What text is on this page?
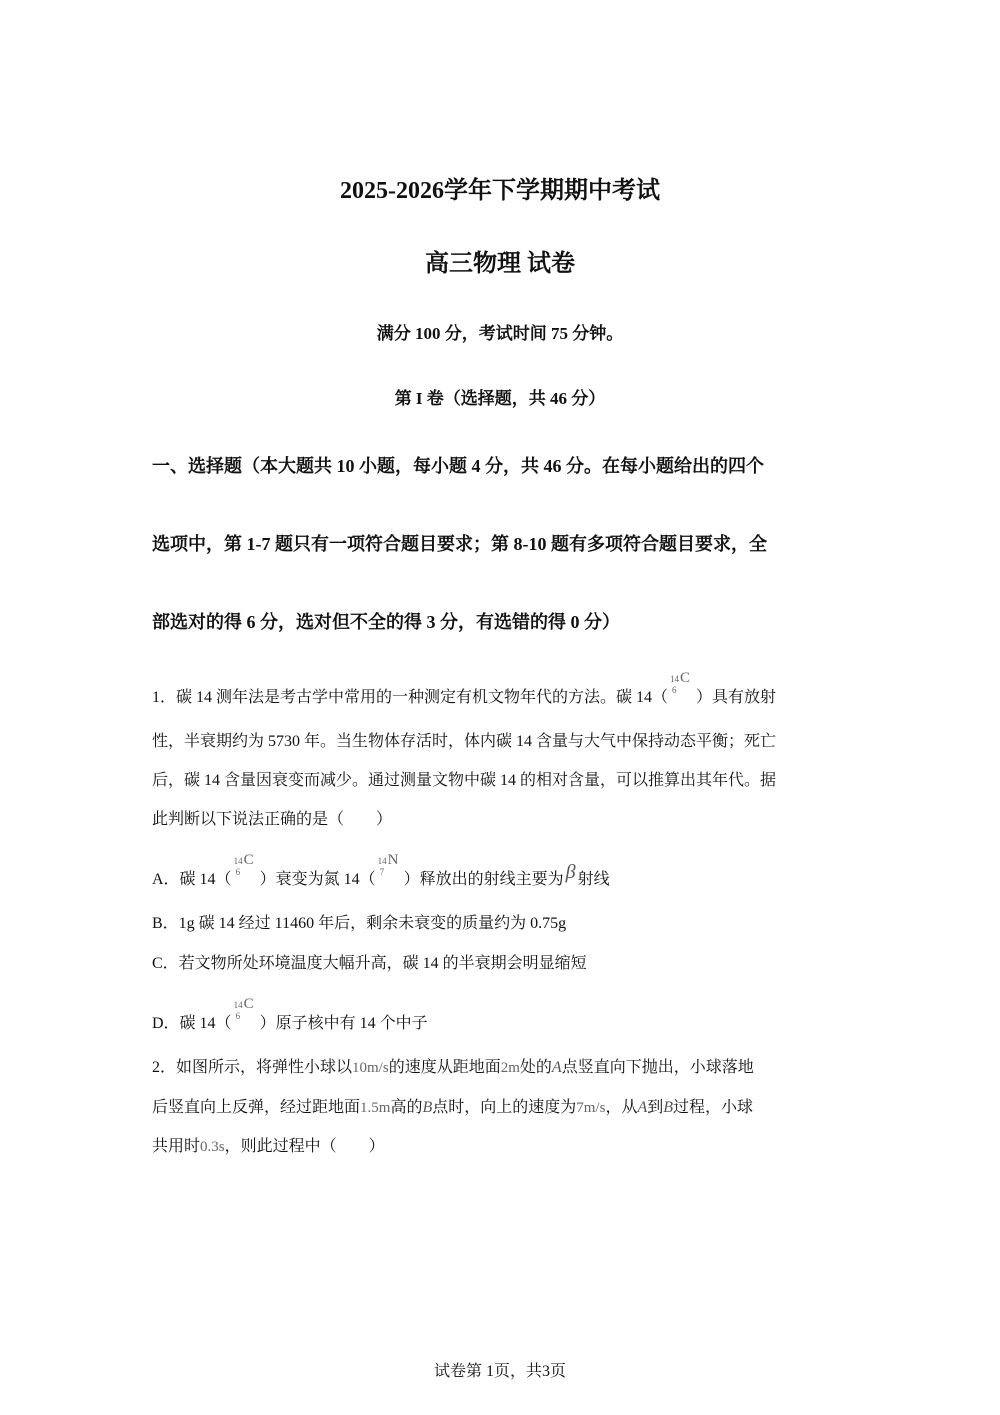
2025-2026学年下学期期中考试
高三物理 试卷
满分 100 分，考试时间 75 分钟。
第 I 卷（选择题，共 46 分）
一、选择题（本大题共 10 小题，每小题 4 分，共 46 分。在每小题给出的四个
选项中，第 1-7 题只有一项符合题目要求；第 8-10 题有多项符合题目要求，全
部选对的得 6 分，选对但不全的得 3 分，有选错的得 0 分）
1．碳 14 测年法是考古学中常用的一种测定有机文物年代的方法。碳 14（
14
6
C
）具有放射
性，半衰期约为 5730 年。当生物体存活时，体内碳 14 含量与大气中保持动态平衡；死亡
后，碳 14 含量因衰变而减少。通过测量文物中碳 14 的相对含量，可以推算出其年代。据
此判断以下说法正确的是（　　）
A．碳 14（
14
6
C
）衰变为氮 14（
14
7
N
）释放出的射线主要为 β 射线
B．1g 碳 14 经过 11460 年后，剩余未衰变的质量约为 0.75g
C．若文物所处环境温度大幅升高，碳 14 的半衰期会明显缩短
D．碳 14（
14
6
C
）原子核中有 14 个中子
2．如图所示，将弹性小球以10m/s的速度从距地面2m处的A点竖直向下抛出，小球落地
后竖直向上反弹，经过距地面1.5m高的B点时，向上的速度为7m/s，从A到B过程，小球
共用时0.3s，则此过程中（　　）
试卷第 1页，共3页
